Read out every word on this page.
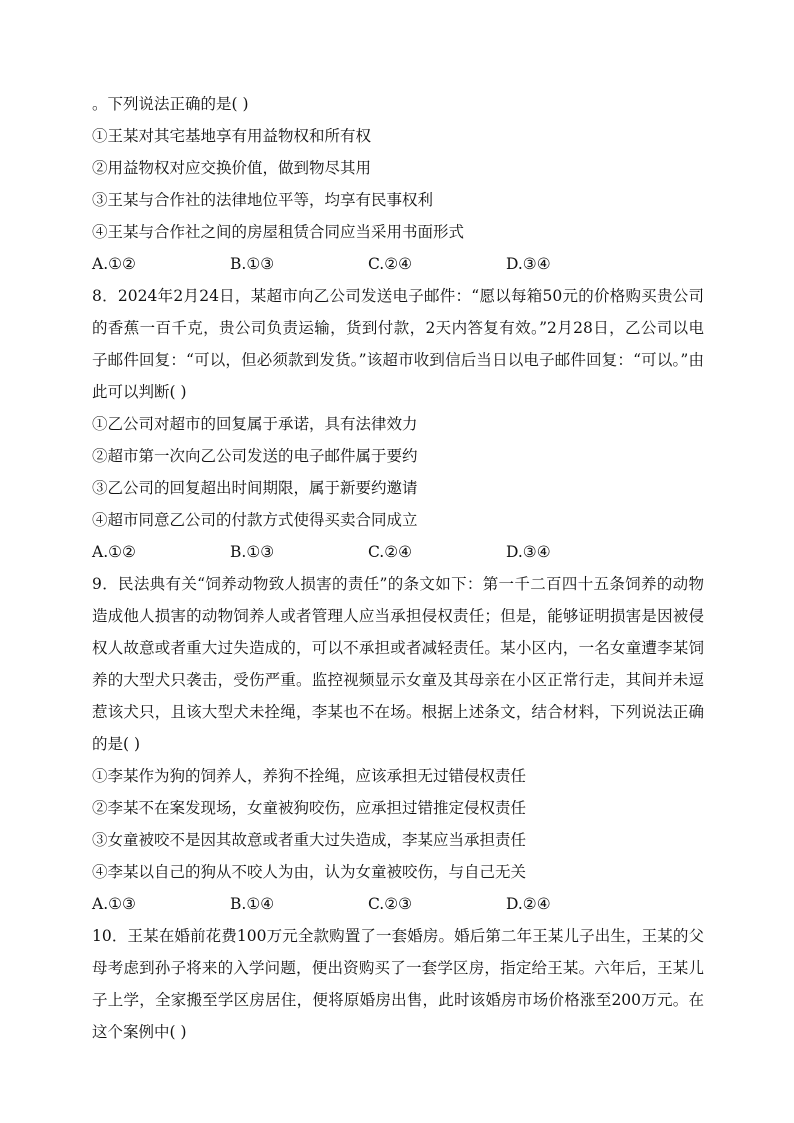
。下列说法正确的是( )
①王某对其宅基地享有用益物权和所有权
②用益物权对应交换价值，做到物尽其用
③王某与合作社的法律地位平等，均享有民事权利
④王某与合作社之间的房屋租赁合同应当采用书面形式
A.①②	B.①③	C.②④	D.③④
8．2024年2月24日，某超市向乙公司发送电子邮件：“愿以每箱50元的价格购买贵公司的香蕉一百千克，贵公司负责运输，货到付款，2天内答复有效。”2月28日，乙公司以电子邮件回复：“可以，但必须款到发货。”该超市收到信后当日以电子邮件回复：“可以。”由此可以判断( )
①乙公司对超市的回复属于承诺，具有法律效力
②超市第一次向乙公司发送的电子邮件属于要约
③乙公司的回复超出时间期限，属于新要约邀请
④超市同意乙公司的付款方式使得买卖合同成立
A.①②	B.①③	C.②④	D.③④
9．民法典有关“饲养动物致人损害的责任”的条文如下：第一千二百四十五条饲养的动物造成他人损害的动物饲养人或者管理人应当承担侵权责任；但是，能够证明损害是因被侵权人故意或者重大过失造成的，可以不承担或者减轻责任。某小区内，一名女童遭李某饲养的大型犬只袭击，受伤严重。监控视频显示女童及其母亲在小区正常行走，其间并未逗惹该犬只，且该大型犬未拴绳，李某也不在场。根据上述条文，结合材料，下列说法正确的是( )
①李某作为狗的饲养人，养狗不拴绳，应该承担无过错侵权责任
②李某不在案发现场，女童被狗咬伤，应承担过错推定侵权责任
③女童被咬不是因其故意或者重大过失造成，李某应当承担责任
④李某以自己的狗从不咬人为由，认为女童被咬伤，与自己无关
A.①③	B.①④	C.②③	D.②④
10．王某在婚前花费100万元全款购置了一套婚房。婚后第二年王某儿子出生，王某的父母考虑到孙子将来的入学问题，便出资购买了一套学区房，指定给王某。六年后，王某儿子上学，全家搬至学区房居住，便将原婚房出售，此时该婚房市场价格涨至200万元。在这个案例中( )
